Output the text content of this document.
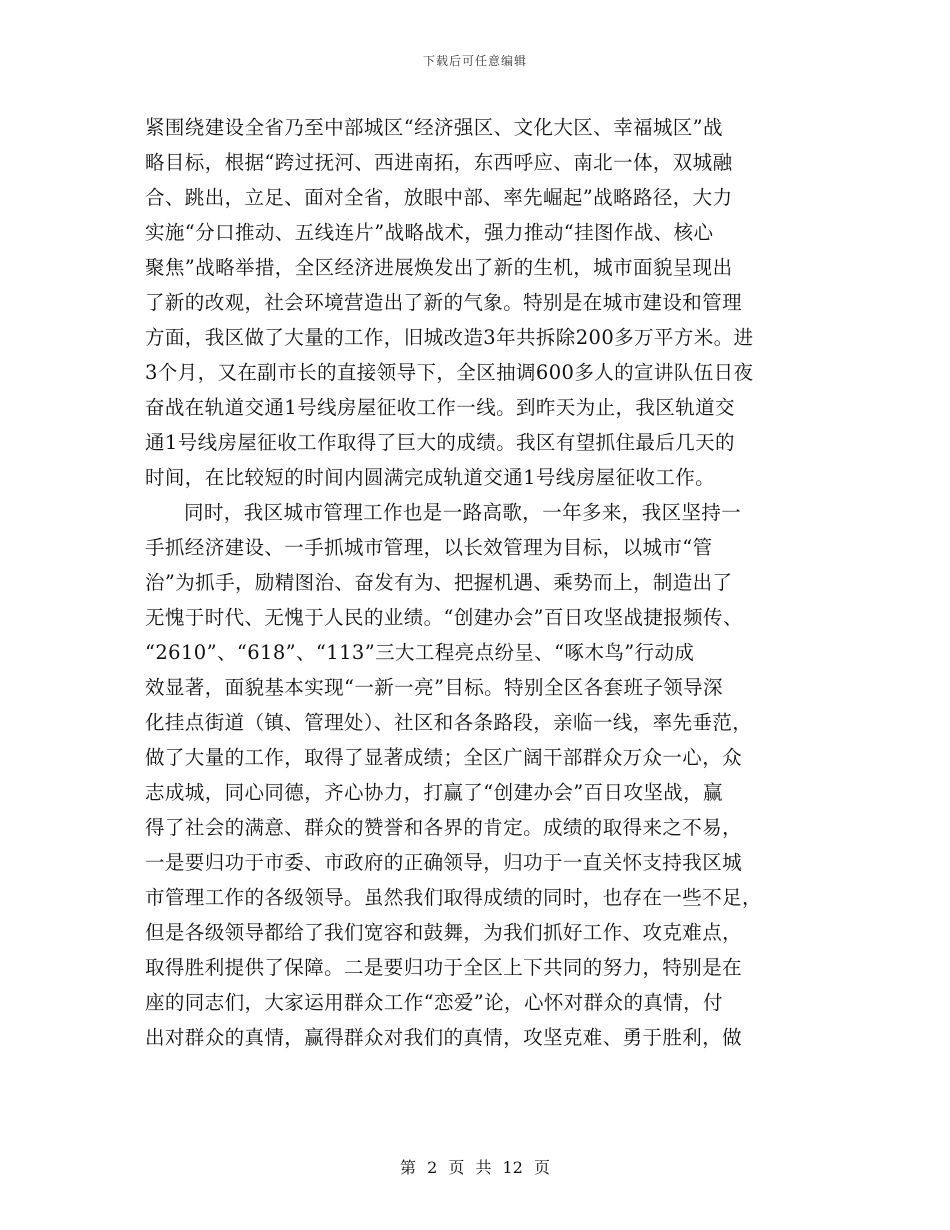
下载后可任意编辑
紧围绕建设全省乃至中部城区“经济强区、文化大区、幸福城区”战
略目标，根据“跨过抚河、西进南拓，东西呼应、南北一体，双城融
合、跳出，立足、面对全省，放眼中部、率先崛起”战略路径，大力
实施“分口推动、五线连片”战略战术，强力推动“挂图作战、核心
聚焦”战略举措，全区经济进展焕发出了新的生机，城市面貌呈现出
了新的改观，社会环境营造出了新的气象。特别是在城市建设和管理
方面，我区做了大量的工作，旧城改造3年共拆除200多万平方米。进
3个月，又在副市长的直接领导下，全区抽调600多人的宣讲队伍日夜
奋战在轨道交通1号线房屋征收工作一线。到昨天为止，我区轨道交
通1号线房屋征收工作取得了巨大的成绩。我区有望抓住最后几天的
时间，在比较短的时间内圆满完成轨道交通1号线房屋征收工作。
同时，我区城市管理工作也是一路高歌，一年多来，我区坚持一
手抓经济建设、一手抓城市管理，以长效管理为目标，以城市“管
治”为抓手，励精图治、奋发有为、把握机遇、乘势而上，制造出了
无愧于时代、无愧于人民的业绩。“创建办会”百日攻坚战捷报频传、
“2610”、“618”、“113”三大工程亮点纷呈、“啄木鸟”行动成
效显著，面貌基本实现“一新一亮”目标。特别全区各套班子领导深
化挂点街道（镇、管理处）、社区和各条路段，亲临一线，率先垂范，
做了大量的工作，取得了显著成绩；全区广阔干部群众万众一心，众
志成城，同心同德，齐心协力，打赢了“创建办会”百日攻坚战，赢
得了社会的满意、群众的赞誉和各界的肯定。成绩的取得来之不易，
一是要归功于市委、市政府的正确领导，归功于一直关怀支持我区城
市管理工作的各级领导。虽然我们取得成绩的同时，也存在一些不足，
但是各级领导都给了我们宽容和鼓舞，为我们抓好工作、攻克难点，
取得胜利提供了保障。二是要归功于全区上下共同的努力，特别是在
座的同志们，大家运用群众工作“恋爱”论，心怀对群众的真情，付
出对群众的真情，赢得群众对我们的真情，攻坚克难、勇于胜利，做
第 2 页 共 12 页
